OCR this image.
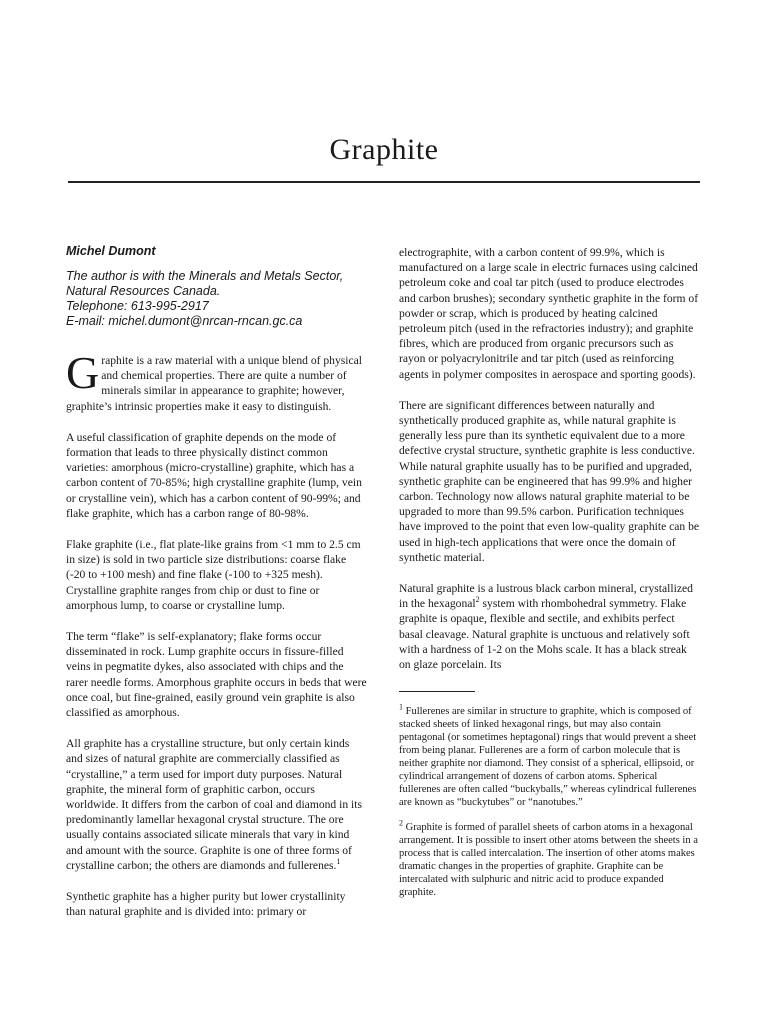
Graphite

Michel Dumont

The author is with the Minerals and Metals Sector,
Natural Resources Canada.
Telephone: 613-995-2917
E-mail: michel.dumont@nrcan-rncan.gc.ca

Graphite is a raw material with a unique blend of physical and chemical properties. There are quite a number of minerals similar in appearance to graphite; however, graphite’s intrinsic properties make it easy to distinguish.

A useful classification of graphite depends on the mode of formation that leads to three physically distinct common varieties: amorphous (micro-crystalline) graphite, which has a carbon content of 70-85%; high crystalline graphite (lump, vein or crystalline vein), which has a carbon content of 90-99%; and flake graphite, which has a carbon range of 80-98%.

Flake graphite (i.e., flat plate-like grains from <1 mm to 2.5 cm in size) is sold in two particle size distributions: coarse flake (-20 to +100 mesh) and fine flake (-100 to +325 mesh). Crystalline graphite ranges from chip or dust to fine or amorphous lump, to coarse or crystalline lump.

The term “flake” is self-explanatory; flake forms occur disseminated in rock. Lump graphite occurs in fissure-filled veins in pegmatite dykes, also associated with chips and the rarer needle forms. Amorphous graphite occurs in beds that were once coal, but fine-grained, easily ground vein graphite is also classified as amorphous.

All graphite has a crystalline structure, but only certain kinds and sizes of natural graphite are commercially classified as “crystalline,” a term used for import duty purposes. Natural graphite, the mineral form of graphitic carbon, occurs worldwide. It differs from the carbon of coal and diamond in its predominantly lamellar hexagonal crystal structure. The ore usually contains associated silicate minerals that vary in kind and amount with the source. Graphite is one of three forms of crystalline carbon; the others are diamonds and fullerenes.$^1$

Synthetic graphite has a higher purity but lower crystallinity than natural graphite and is divided into: primary or

electrographite, with a carbon content of 99.9%, which is manufactured on a large scale in electric furnaces using calcined petroleum coke and coal tar pitch (used to produce electrodes and carbon brushes); secondary synthetic graphite in the form of powder or scrap, which is produced by heating calcined petroleum pitch (used in the refractories industry); and graphite fibres, which are produced from organic precursors such as rayon or polyacrylonitrile and tar pitch (used as reinforcing agents in polymer composites in aerospace and sporting goods).

There are significant differences between naturally and synthetically produced graphite as, while natural graphite is generally less pure than its synthetic equivalent due to a more defective crystal structure, synthetic graphite is less conductive. While natural graphite usually has to be purified and upgraded, synthetic graphite can be engineered that has 99.9% and higher carbon. Technology now allows natural graphite material to be upgraded to more than 99.5% carbon. Purification techniques have improved to the point that even low-quality graphite can be used in high-tech applications that were once the domain of synthetic material.

Natural graphite is a lustrous black carbon mineral, crystallized in the hexagonal$^2$ system with rhombohedral symmetry. Flake graphite is opaque, flexible and sectile, and exhibits perfect basal cleavage. Natural graphite is unctuous and relatively soft with a hardness of 1-2 on the Mohs scale. It has a black streak on glaze porcelain. Its

$^1$ Fullerenes are similar in structure to graphite, which is composed of stacked sheets of linked hexagonal rings, but may also contain pentagonal (or sometimes heptagonal) rings that would prevent a sheet from being planar. Fullerenes are a form of carbon molecule that is neither graphite nor diamond. They consist of a spherical, ellipsoid, or cylindrical arrangement of dozens of carbon atoms. Spherical fullerenes are often called “buckyballs,” whereas cylindrical fullerenes are known as “buckytubes” or “nanotubes.”

$^2$ Graphite is formed of parallel sheets of carbon atoms in a hexagonal arrangement. It is possible to insert other atoms between the sheets in a process that is called intercalation. The insertion of other atoms makes dramatic changes in the properties of graphite. Graphite can be intercalated with sulphuric and nitric acid to produce expanded graphite.
